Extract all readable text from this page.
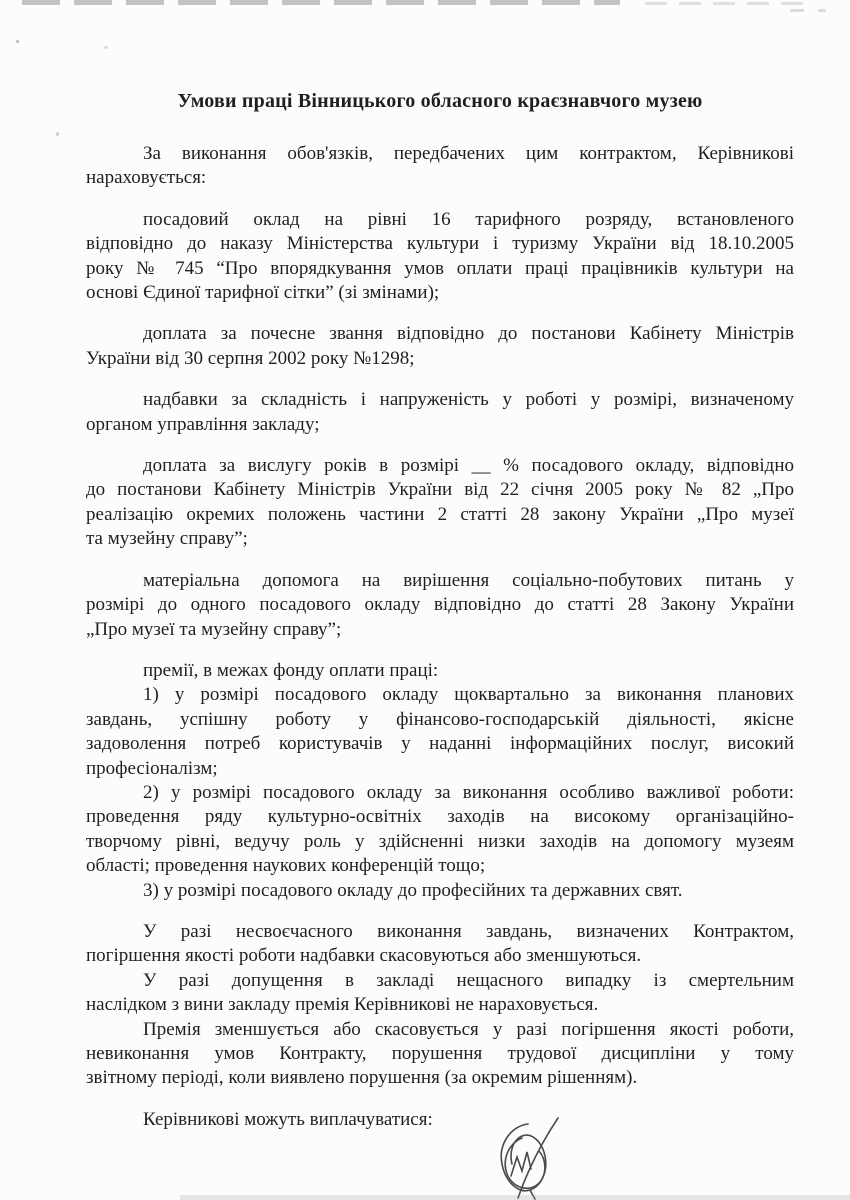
Умови праці Вінницького обласного краєзнавчого музею
За виконання обов'язків, передбачених цим контрактом, Керівникові
нараховується:
посадовий оклад на рівні 16 тарифного розряду, встановленого
відповідно до наказу Міністерства культури і туризму України від 18.10.2005
року № 745 “Про впорядкування умов оплати праці працівників культури на
основі Єдиної тарифної сітки” (зі змінами);
доплата за почесне звання відповідно до постанови Кабінету Міністрів
України від 30 серпня 2002 року №1298;
надбавки за складність і напруженість у роботі у розмірі, визначеному
органом управління закладу;
доплата за вислугу років в розмірі __ % посадового окладу, відповідно
до постанови Кабінету Міністрів України від 22 січня 2005 року № 82 „Про
реалізацію окремих положень частини 2 статті 28 закону України „Про музеї
та музейну справу”;
матеріальна допомога на вирішення соціально-побутових питань у
розмірі до одного посадового окладу відповідно до статті 28 Закону України
„Про музеї та музейну справу”;
премії, в межах фонду оплати праці:
1) у розмірі посадового окладу щоквартально за виконання планових
завдань, успішну роботу у фінансово-господарській діяльності, якісне
задоволення потреб користувачів у наданні інформаційних послуг, високий
професіоналізм;
2) у розмірі посадового окладу за виконання особливо важливої роботи:
проведення ряду культурно-освітніх заходів на високому організаційно-
творчому рівні, ведучу роль у здійсненні низки заходів на допомогу музеям
області; проведення наукових конференцій тощо;
3) у розмірі посадового окладу до професійних та державних свят.
У разі несвоєчасного виконання завдань, визначених Контрактом,
погіршення якості роботи надбавки скасовуються або зменшуються.
У разі допущення в закладі нещасного випадку із смертельним
наслідком з вини закладу премія Керівникові не нараховується.
Премія зменшується або скасовується у разі погіршення якості роботи,
невиконання умов Контракту, порушення трудової дисципліни у тому
звітному періоді, коли виявлено порушення (за окремим рішенням).
Керівникові можуть виплачуватися:
